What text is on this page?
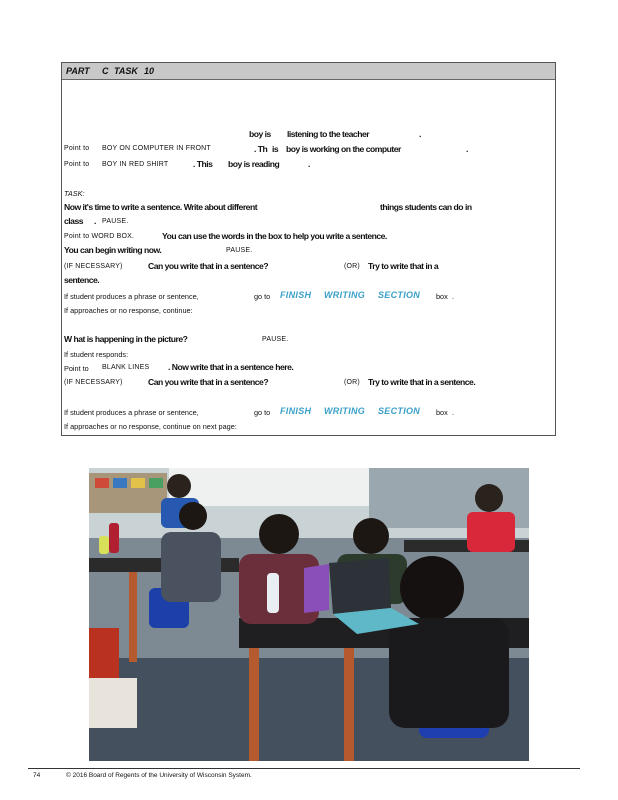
PART C TASK 10
boy is listening to the teacher	.
Point to BOY ON COMPUTER IN FRONT	. Th is boy is working on the computer	.
Point to BOY IN RED SHIRT	. This boy is reading	.
TASK:
Now it's time to write a sentence. Write about different	things students can do in
class . PAUSE.
Point to WORD BOX.	You can use the words in the box to help you write a sentence.
You can begin writing now.	PAUSE.
(IF NECESSARY)	Can you write that in a sentence?	(OR) Try to write that in a
sentence.
If student produces a phrase or sentence,	go to FINISH WRITING SECTION box .
If approaches or no response, continue:
W hat is happening in the picture?	PAUSE.
If student responds:
Point to BLANK LINES . Now write that in a sentence here.
(IF NECESSARY)	Can you write that in a sentence?	(OR) Try to write that in a sentence.
If student produces a phrase or sentence,	go to FINISH WRITING SECTION box .
If approaches or no response, continue on next page:
74	© 2016 Board of Regents of the University of Wisconsin System.
